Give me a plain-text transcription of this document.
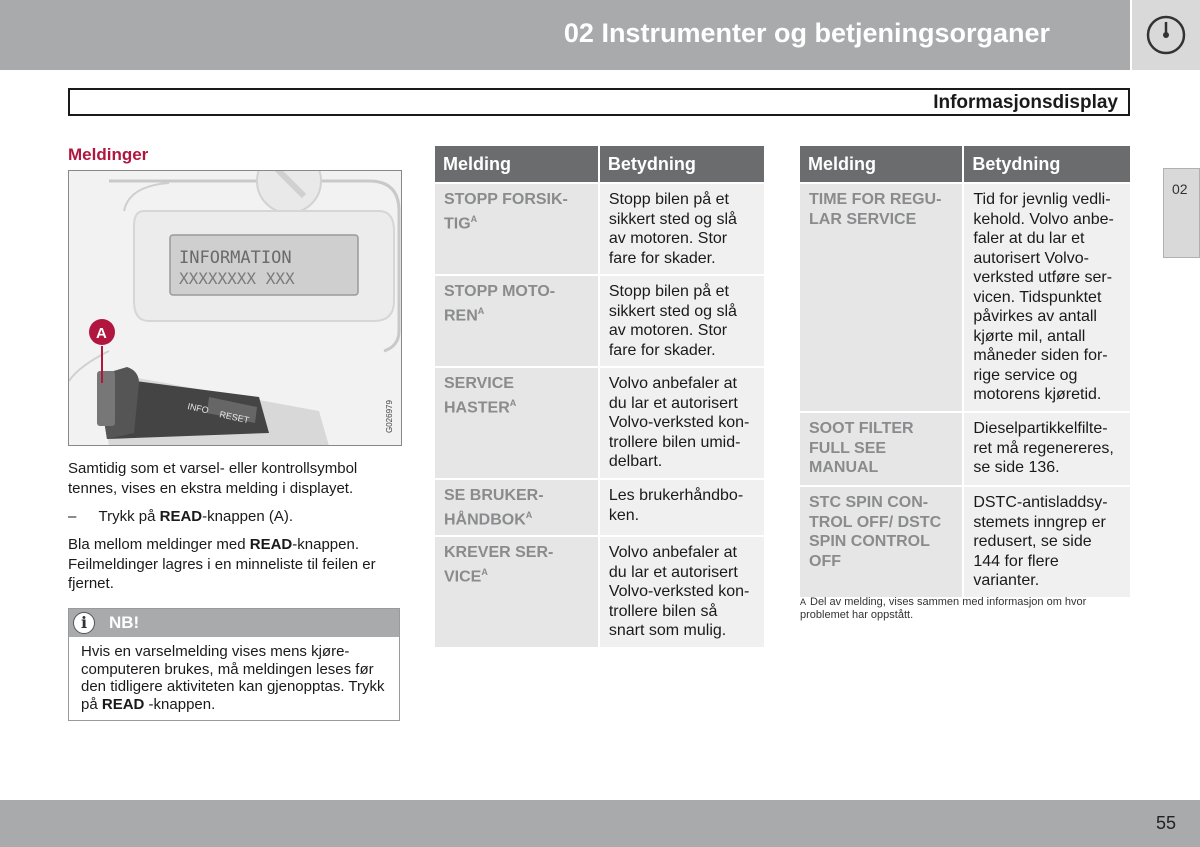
02 Instrumenter og betjeningsorganer
Informasjonsdisplay
02
Meldinger
INFORMATION
XXXXXXXX XXX
INFO
RESET
A
G026979
Samtidig som et varsel- eller kontrollsymbol tennes, vises en ekstra melding i displayet.
– Trykk på READ-knappen (A).
Bla mellom meldinger med READ-knappen. Feilmeldinger lagres i en minneliste til feilen er fjernet.
i	NB!
Hvis en varselmelding vises mens kjøre-computeren brukes, må meldingen leses før den tidligere aktiviteten kan gjenopptas. Trykk på READ -knappen.
Melding	Betydning
STOPP FORSIK-$TIG^A$	Stopp bilen på et sikkert sted og slå av motoren. Stor fare for skader.
STOPP MOTO-$REN^A$	Stopp bilen på et sikkert sted og slå av motoren. Stor fare for skader.
SERVICE $HASTER^A$	Volvo anbefaler at du lar et autorisert Volvo-verksted kon-trollere bilen umid-delbart.
SE BRUKER-$HÅNDBOK^A$	Les brukerhåndbo-ken.
KREVER SER-$VICE^A$	Volvo anbefaler at du lar et autorisert Volvo-verksted kon-trollere bilen så snart som mulig.
Melding	Betydning
TIME FOR REGU-LAR SERVICE	Tid for jevnlig vedli-kehold. Volvo anbe-faler at du lar et autorisert Volvo-verksted utføre ser-vicen. Tidspunktet påvirkes av antall kjørte mil, antall måneder siden for-rige service og motorens kjøretid.
SOOT FILTER FULL SEE MANUAL	Dieselpartikkelfilte-ret må regenereres, se side 136.
STC SPIN CON-TROL OFF/ DSTC SPIN CONTROL OFF	DSTC-antisladdsy-stemets inngrep er redusert, se side 144 for flere varianter.
A Del av melding, vises sammen med informasjon om hvor problemet har oppstått.
55
